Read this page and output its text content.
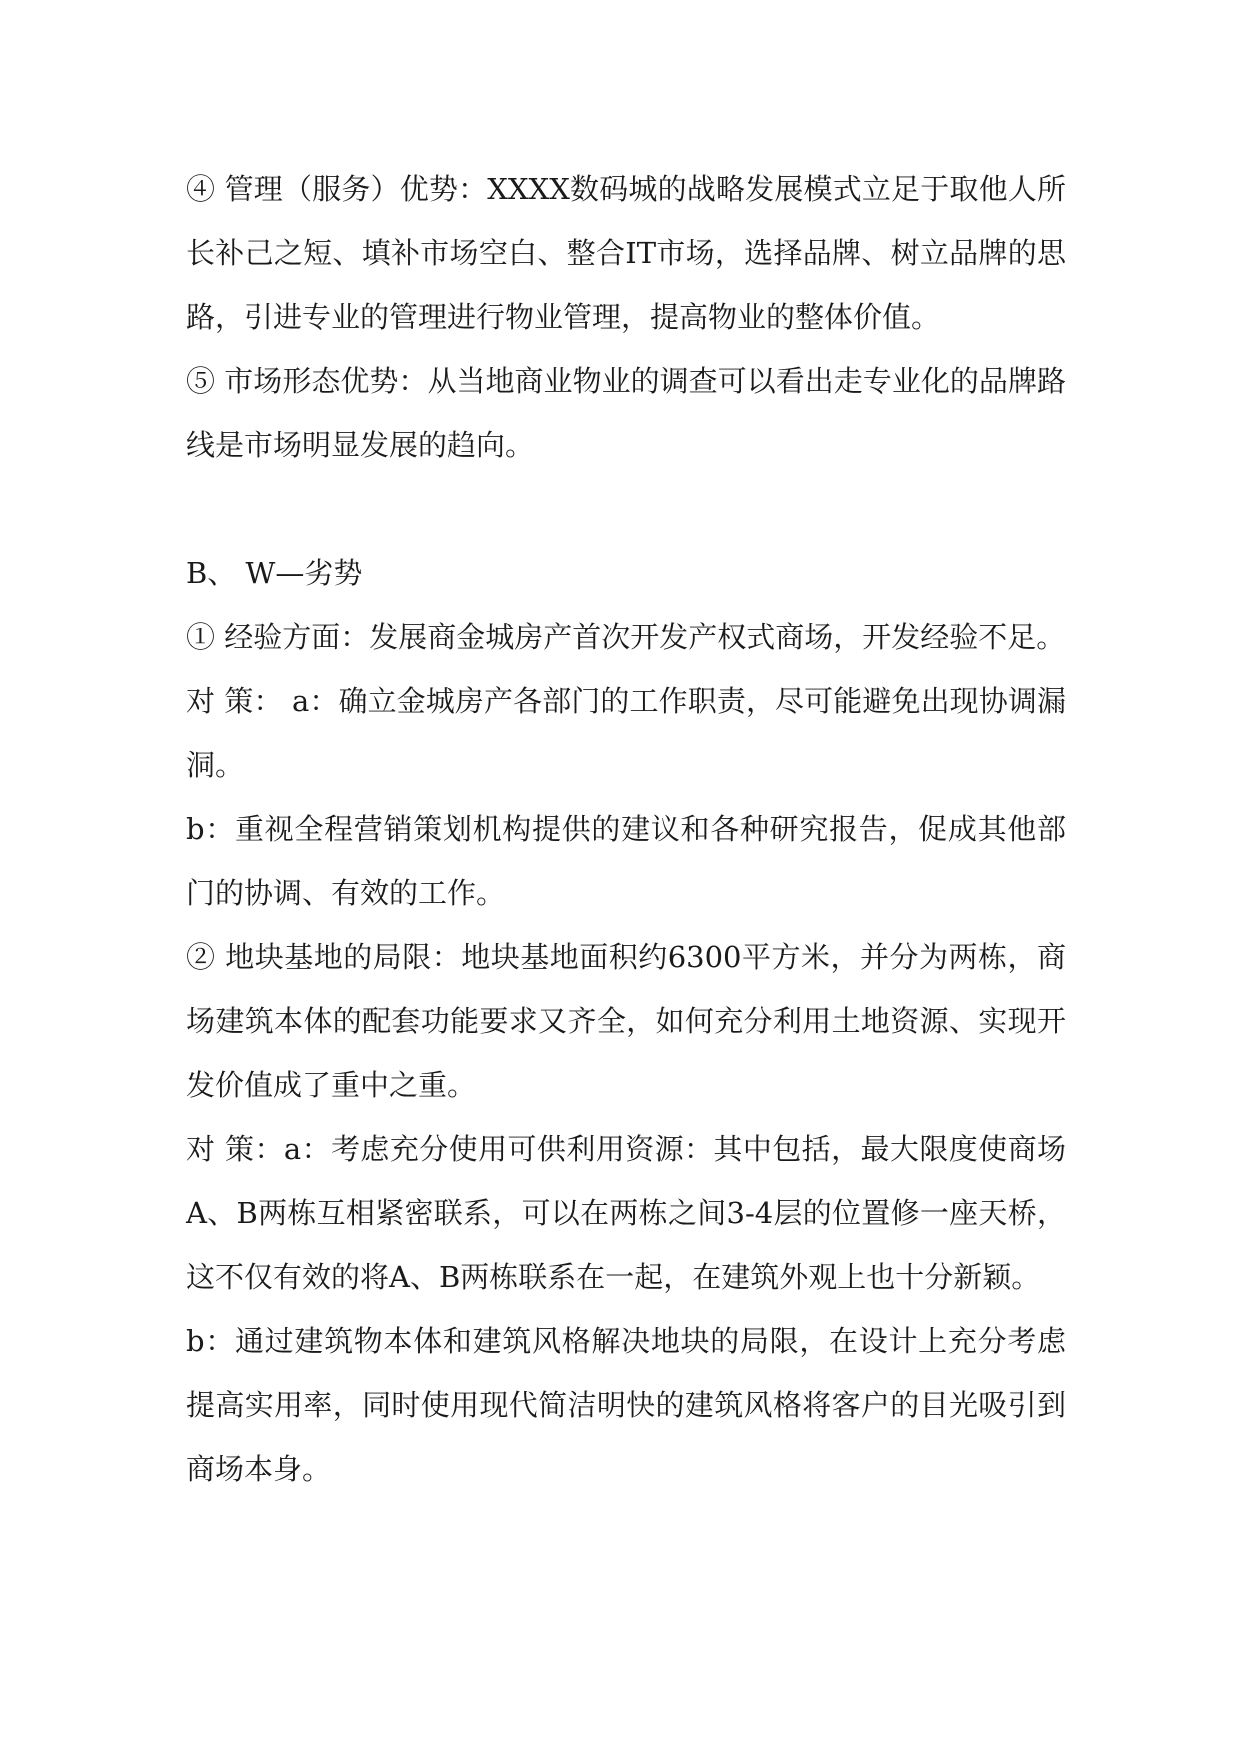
④ 管理（服务）优势：XXXX数码城的战略发展模式立足于取他人所长补己之短、填补市场空白、整合IT市场，选择品牌、树立品牌的思路，引进专业的管理进行物业管理，提高物业的整体价值。

⑤ 市场形态优势：从当地商业物业的调查可以看出走专业化的品牌路线是市场明显发展的趋向。

B、 W—劣势

① 经验方面：发展商金城房产首次开发产权式商场，开发经验不足。

对 策： a：确立金城房产各部门的工作职责，尽可能避免出现协调漏洞。

b：重视全程营销策划机构提供的建议和各种研究报告，促成其他部门的协调、有效的工作。

② 地块基地的局限：地块基地面积约6300平方米，并分为两栋，商场建筑本体的配套功能要求又齐全，如何充分利用土地资源、实现开发价值成了重中之重。

对 策：a：考虑充分使用可供利用资源：其中包括，最大限度使商场A、B两栋互相紧密联系，可以在两栋之间3-4层的位置修一座天桥，这不仅有效的将A、B两栋联系在一起，在建筑外观上也十分新颖。

b：通过建筑物本体和建筑风格解决地块的局限，在设计上充分考虑提高实用率，同时使用现代简洁明快的建筑风格将客户的目光吸引到商场本身。
